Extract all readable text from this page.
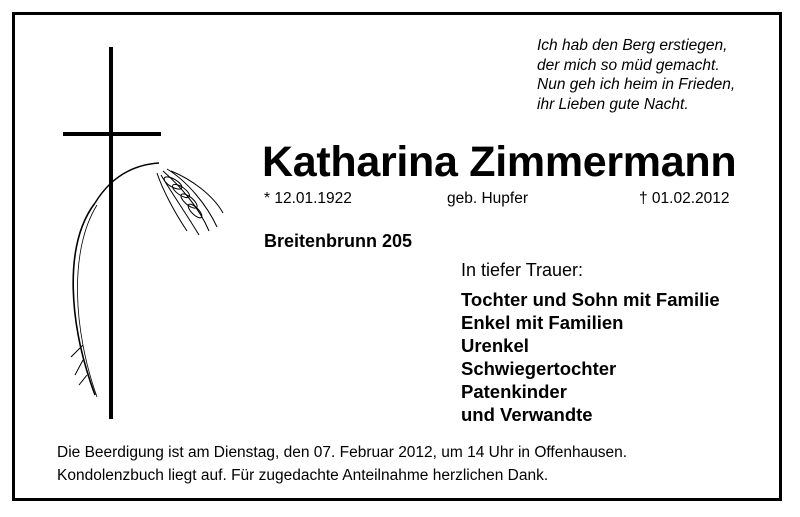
Ich hab den Berg erstiegen,
der mich so müd gemacht.
Nun geh ich heim in Frieden,
ihr Lieben gute Nacht.
Katharina Zimmermann
* 12.01.1922	geb. Hupfer	† 01.02.2012
Breitenbrunn 205
In tiefer Trauer:
Tochter und Sohn mit Familie
Enkel mit Familien
Urenkel
Schwiegertochter
Patenkinder
und Verwandte
Die Beerdigung ist am Dienstag, den 07. Februar 2012, um 14 Uhr in Offenhausen.
Kondolenzbuch liegt auf. Für zugedachte Anteilnahme herzlichen Dank.
